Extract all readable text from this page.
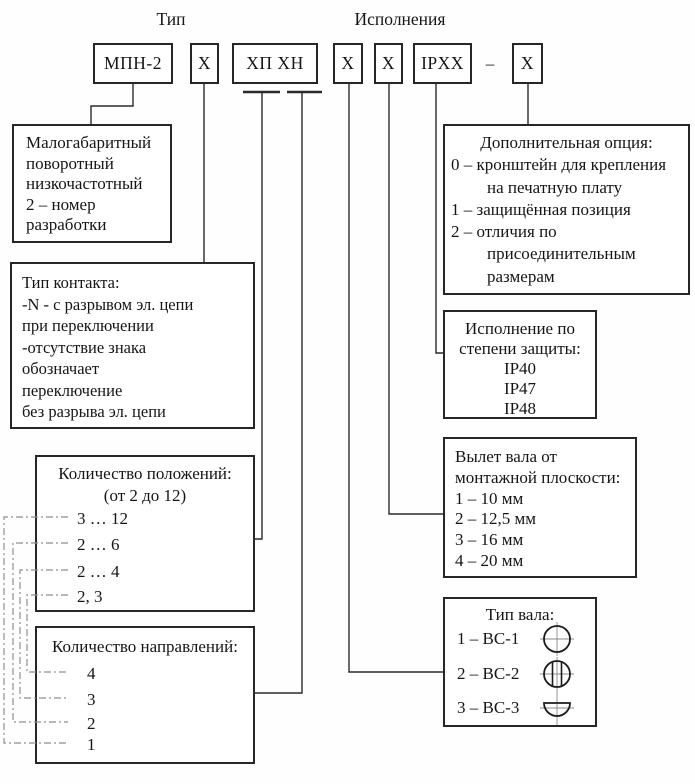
Тип	Исполнения
МПН-2	Х	ХП ХН	Х	Х	IPXX	–	Х
Малогабаритный
поворотный
низкочастотный
2 – номер
разработки
Тип контакта:
-N - с разрывом эл. цепи
при переключении
-отсутствие знака
обозначает
переключение
без разрыва эл. цепи
Количество положений:
(от 2 до 12)
3 … 12
2 … 6
2 … 4
2, 3
Количество направлений:
4
3
2
1
Дополнительная опция:
0 – кронштейн для крепления
на печатную плату
1 – защищённая позиция
2 – отличия по
присоединительным
размерам
Исполнение по
степени защиты:
IP40
IP47
IP48
Вылет вала от
монтажной плоскости:
1 – 10 мм
2 – 12,5 мм
3 – 16 мм
4 – 20 мм
Тип вала:
1 – ВС-1
2 – ВС-2
3 – ВС-3
